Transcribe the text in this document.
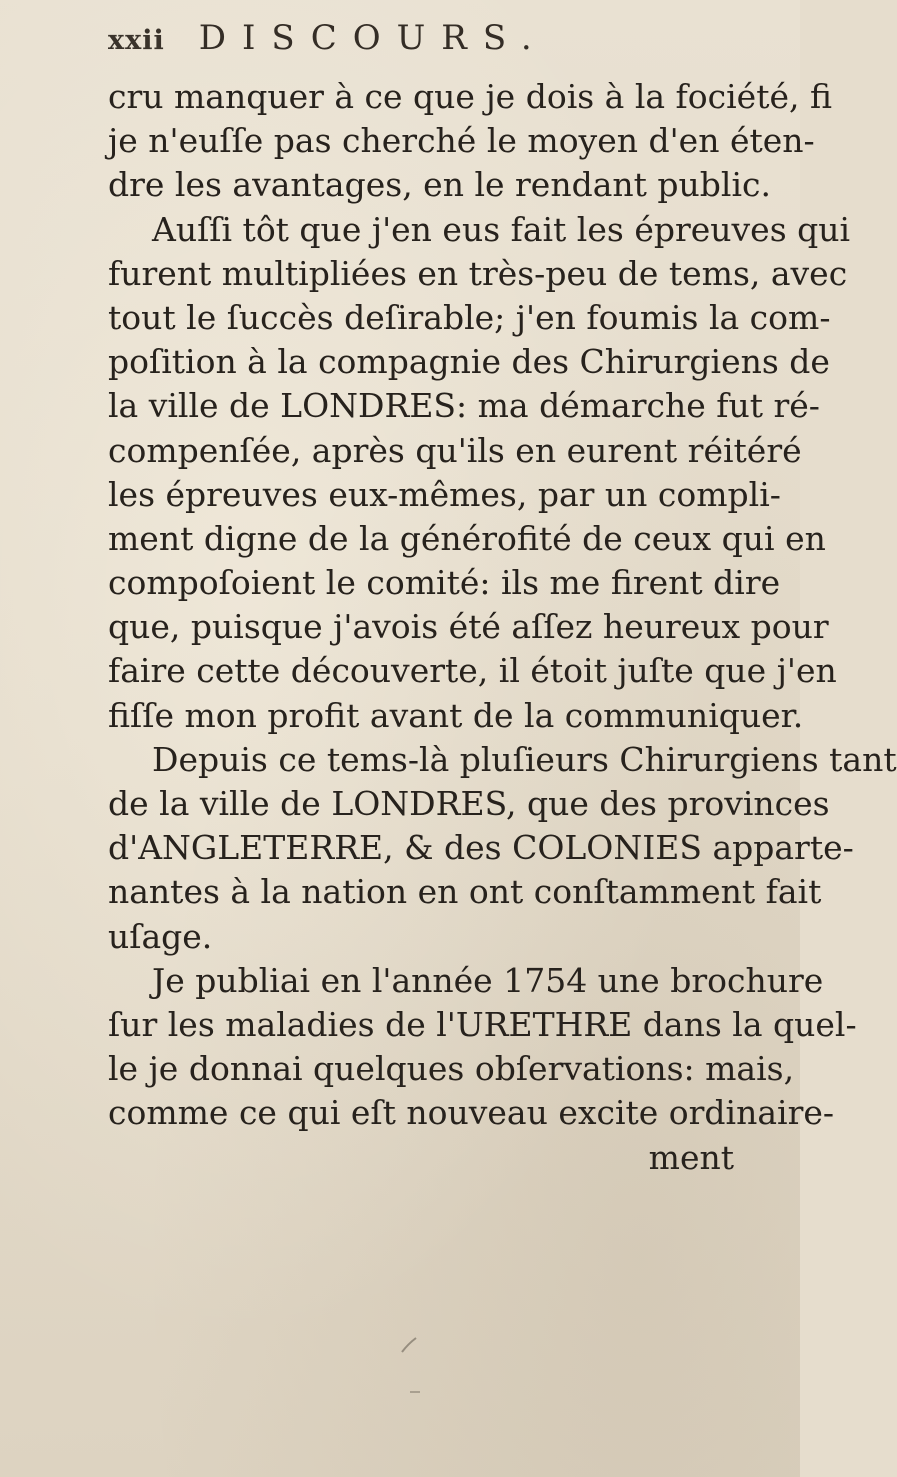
xxii DISCOURS.
cru manquer à ce que je dois à la fociété, fi
je n'euſſe pas cherché le moyen d'en éten-
dre les avantages, en le rendant public.
Auſſi tôt que j'en eus fait les épreuves qui
furent multipliées en très-peu de tems, avec
tout le ſuccès deſirable; j'en foumis la com-
poſition à la compagnie des Chirurgiens de
la ville de LONDRES: ma démarche fut ré-
compenſée, après qu'ils en eurent réitéré
les épreuves eux-mêmes, par un compli-
ment digne de la générofité de ceux qui en
compoſoient le comité: ils me firent dire
que, puisque j'avois été aſſez heureux pour
faire cette découverte, il étoit juſte que j'en
fiſſe mon profit avant de la communiquer.
Depuis ce tems-là pluſieurs Chirurgiens tant
de la ville de LONDRES, que des provinces
d'ANGLETERRE, & des COLONIES apparte-
nantes à la nation en ont conſtamment fait
uſage.
Je publiai en l'année 1754 une brochure
ſur les maladies de l'URETHRE dans la quel-
le je donnai quelques obſervations: mais,
comme ce qui eſt nouveau excite ordinaire-
ment
